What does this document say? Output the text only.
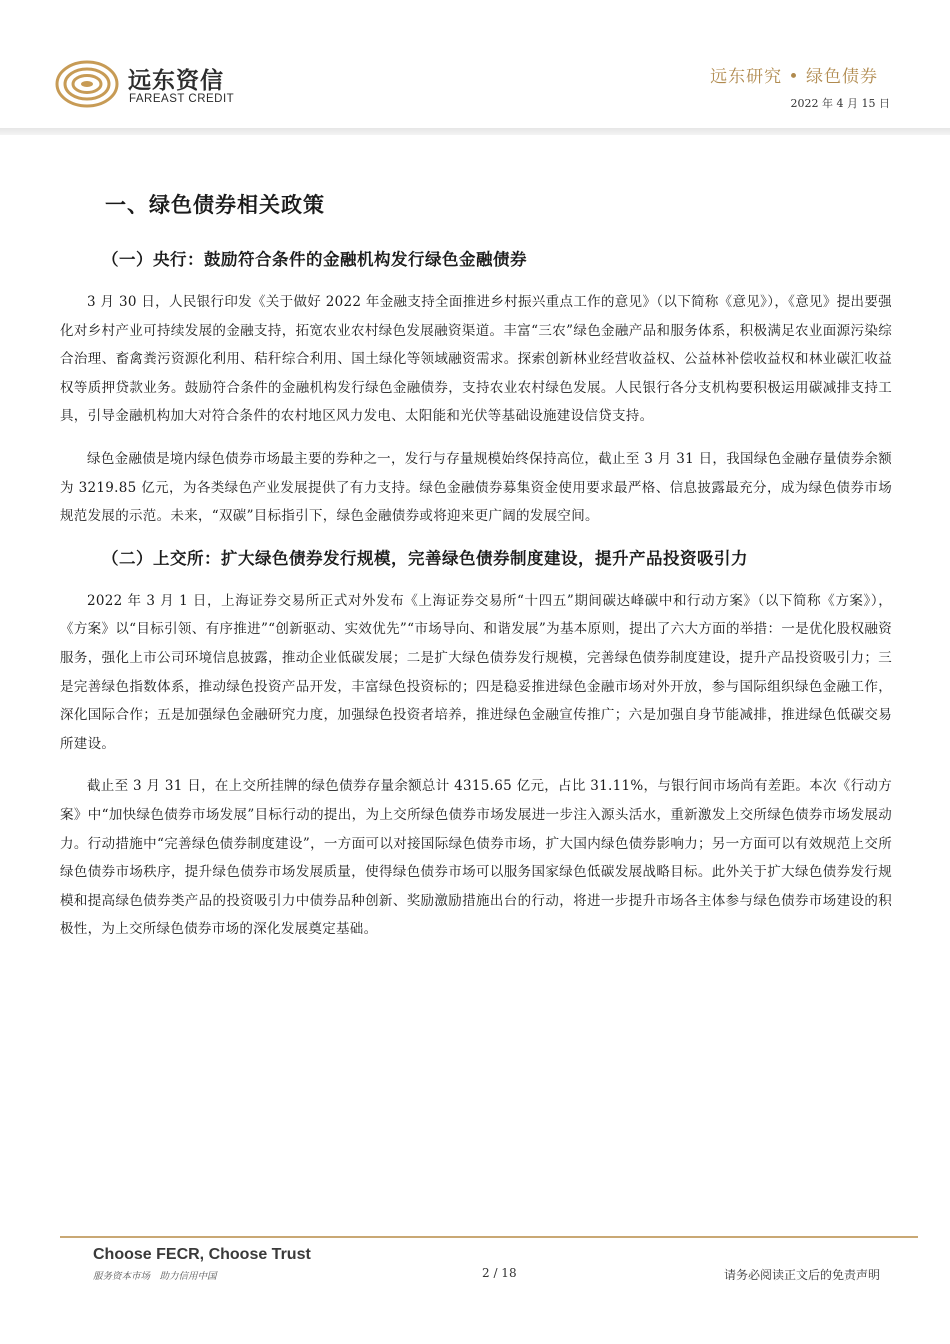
远东资信
FAREAST CREDIT
远东研究 • 绿色债券
2022 年 4 月 15 日
一、绿色债券相关政策
（一）央行：鼓励符合条件的金融机构发行绿色金融债券

3 月 30 日，人民银行印发《关于做好 2022 年金融支持全面推进乡村振兴重点工作的意见》（以下简称《意见》），《意见》提出要强化对乡村产业可持续发展的金融支持，拓宽农业农村绿色发展融资渠道。丰富“三农”绿色金融产品和服务体系，积极满足农业面源污染综合治理、畜禽粪污资源化利用、秸秆综合利用、国土绿化等领域融资需求。探索创新林业经营收益权、公益林补偿收益权和林业碳汇收益权等质押贷款业务。鼓励符合条件的金融机构发行绿色金融债券，支持农业农村绿色发展。人民银行各分支机构要积极运用碳减排支持工具，引导金融机构加大对符合条件的农村地区风力发电、太阳能和光伏等基础设施建设信贷支持。

绿色金融债是境内绿色债券市场最主要的券种之一，发行与存量规模始终保持高位，截止至 3 月 31 日，我国绿色金融存量债券余额为 3219.85 亿元，为各类绿色产业发展提供了有力支持。绿色金融债券募集资金使用要求最严格、信息披露最充分，成为绿色债券市场规范发展的示范。未来，“双碳”目标指引下，绿色金融债券或将迎来更广阔的发展空间。

（二）上交所：扩大绿色债券发行规模，完善绿色债券制度建设，提升产品投资吸引力

2022 年 3 月 1 日，上海证券交易所正式对外发布《上海证券交易所“十四五”期间碳达峰碳中和行动方案》（以下简称《方案》），《方案》以“目标引领、有序推进”“创新驱动、实效优先”“市场导向、和谐发展”为基本原则，提出了六大方面的举措：一是优化股权融资服务，强化上市公司环境信息披露，推动企业低碳发展；二是扩大绿色债券发行规模，完善绿色债券制度建设，提升产品投资吸引力；三是完善绿色指数体系，推动绿色投资产品开发，丰富绿色投资标的；四是稳妥推进绿色金融市场对外开放，参与国际组织绿色金融工作，深化国际合作；五是加强绿色金融研究力度，加强绿色投资者培养，推进绿色金融宣传推广；六是加强自身节能减排，推进绿色低碳交易所建设。

截止至 3 月 31 日，在上交所挂牌的绿色债券存量余额总计 4315.65 亿元，占比 31.11%，与银行间市场尚有差距。本次《行动方案》中“加快绿色债券市场发展”目标行动的提出，为上交所绿色债券市场发展进一步注入源头活水，重新激发上交所绿色债券市场发展动力。行动措施中“完善绿色债券制度建设”，一方面可以对接国际绿色债券市场，扩大国内绿色债券影响力；另一方面可以有效规范上交所绿色债券市场秩序，提升绿色债券市场发展质量，使得绿色债券市场可以服务国家绿色低碳发展战略目标。此外关于扩大绿色债券发行规模和提高绿色债券类产品的投资吸引力中债券品种创新、奖励激励措施出台的行动，将进一步提升市场各主体参与绿色债券市场建设的积极性，为上交所绿色债券市场的深化发展奠定基础。

Choose FECR, Choose Trust
服务资本市场　助力信用中国	2 / 18	请务必阅读正文后的免责声明
